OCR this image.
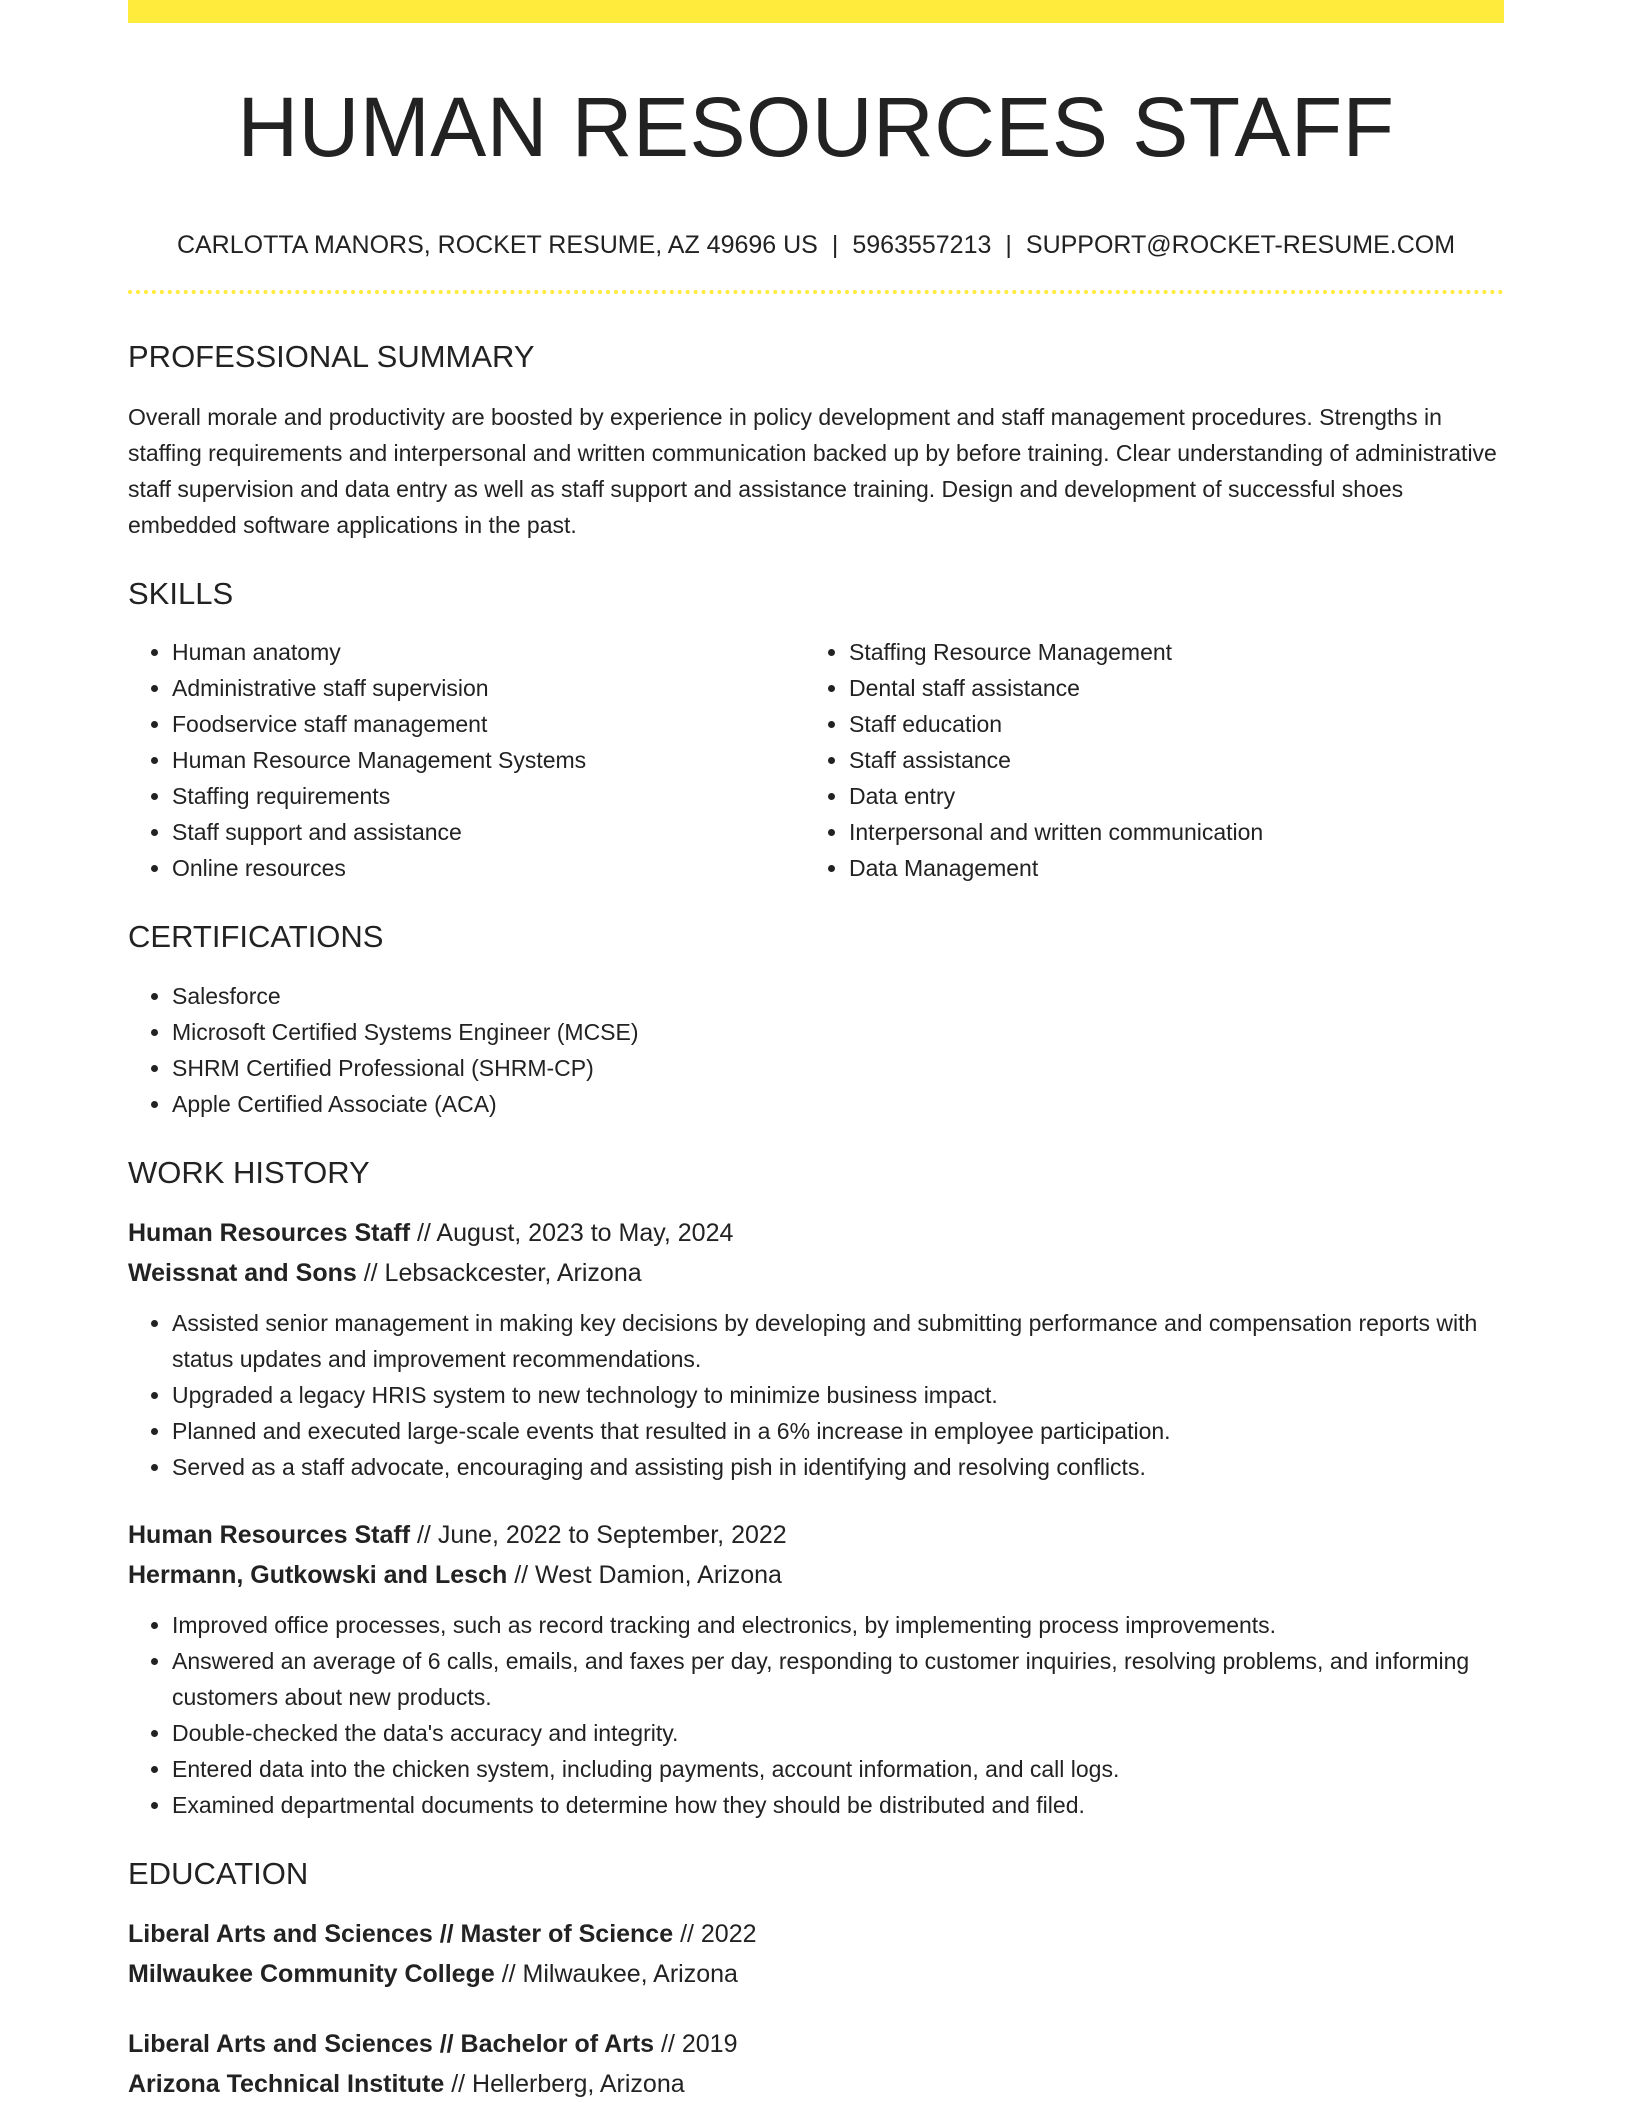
HUMAN RESOURCES STAFF
CARLOTTA MANORS, ROCKET RESUME, AZ 49696 US | 5963557213 | SUPPORT@ROCKET-RESUME.COM
PROFESSIONAL SUMMARY
Overall morale and productivity are boosted by experience in policy development and staff management procedures. Strengths in staffing requirements and interpersonal and written communication backed up by before training. Clear understanding of administrative staff supervision and data entry as well as staff support and assistance training. Design and development of successful shoes embedded software applications in the past.
SKILLS
• Human anatomy
• Administrative staff supervision
• Foodservice staff management
• Human Resource Management Systems
• Staffing requirements
• Staff support and assistance
• Online resources
• Staffing Resource Management
• Dental staff assistance
• Staff education
• Staff assistance
• Data entry
• Interpersonal and written communication
• Data Management
CERTIFICATIONS
• Salesforce
• Microsoft Certified Systems Engineer (MCSE)
• SHRM Certified Professional (SHRM-CP)
• Apple Certified Associate (ACA)
WORK HISTORY
Human Resources Staff // August, 2023 to May, 2024
Weissnat and Sons // Lebsackcester, Arizona
• Assisted senior management in making key decisions by developing and submitting performance and compensation reports with status updates and improvement recommendations.
• Upgraded a legacy HRIS system to new technology to minimize business impact.
• Planned and executed large-scale events that resulted in a 6% increase in employee participation.
• Served as a staff advocate, encouraging and assisting pish in identifying and resolving conflicts.
Human Resources Staff // June, 2022 to September, 2022
Hermann, Gutkowski and Lesch // West Damion, Arizona
• Improved office processes, such as record tracking and electronics, by implementing process improvements.
• Answered an average of 6 calls, emails, and faxes per day, responding to customer inquiries, resolving problems, and informing customers about new products.
• Double-checked the data's accuracy and integrity.
• Entered data into the chicken system, including payments, account information, and call logs.
• Examined departmental documents to determine how they should be distributed and filed.
EDUCATION
Liberal Arts and Sciences // Master of Science // 2022
Milwaukee Community College // Milwaukee, Arizona
Liberal Arts and Sciences // Bachelor of Arts // 2019
Arizona Technical Institute // Hellerberg, Arizona
